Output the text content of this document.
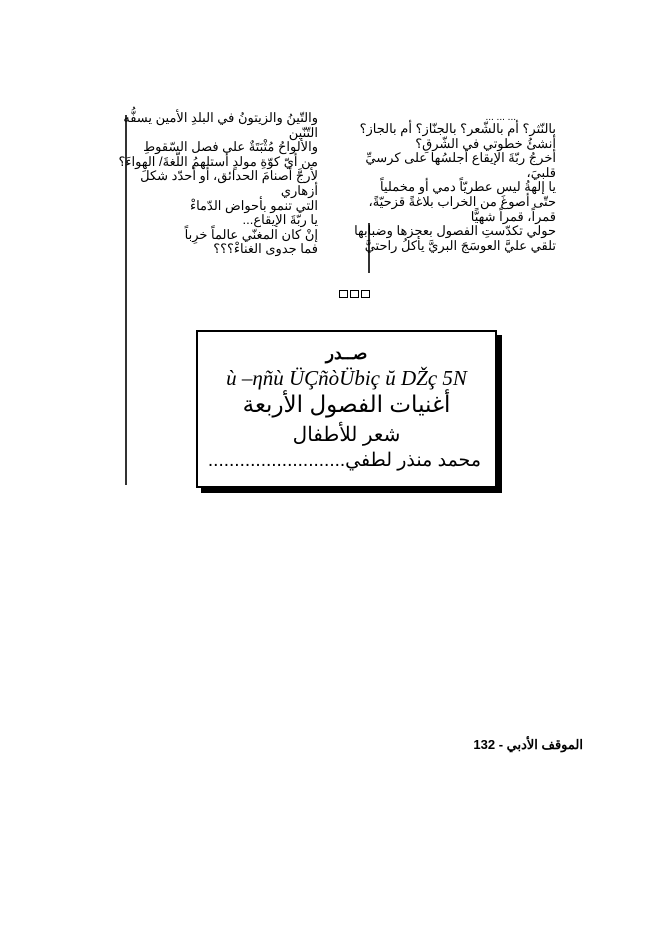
والتّينُ والزيتونُ في البلدِ الأمين يسفُّه
التّنّين
والألواحُ مُثْبَتَةٌ على فصل السّقوطِ
من أيّ كوّةِ مولدٍ أستلهمُ اللّغةَ/ الهواءَ؟
لأرجَّ أصنامَ الحدائق، أو أحدّد شكلَ
أزهاري
التي تنمو بأحواض الدّماءْ
يا ربّةَ الإيقاع...
إنْ كان المغنّي عالماً خرِباً
فما جدوى الغناءْ؟؟؟
... ... ...
بالنّثر؟ أم بالشّعر؟ بالجنّاز؟ أم بالجاز؟
أنشئُ خطوتي في الشّرقِ؟
أخرجُ ربّةَ الإيقاع أجلسُها على كرسيِّ
قلبيَ،
يا إلهةُ ليس عطريّاً دمي أو مخملياً
حتّى أصوغَ من الخراب بلاغةً قزحيّةً،
قمراً، قمراً شهيًّا
حولي تكدّستِ الفصول بعجزها وضبابها
تلقي عليَّ العوسَجَ البريَّ يأكلُ راحتيَّ
صــدر
ù –ηñù ÜÇñòÜbiç ŭ DŽç 5N
أغنيات الفصول الأربعة
شعر للأطفال
محمد منذر لطفي..........................
الموقف الأدبي - 132
